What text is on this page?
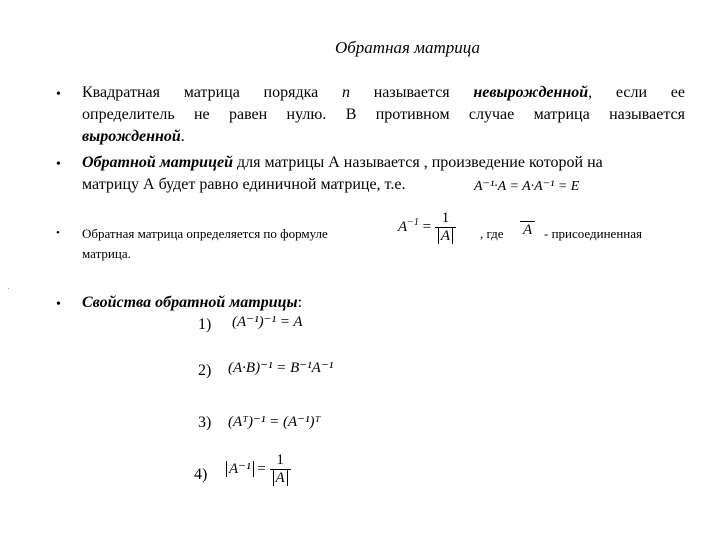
Обратная матрица
• Квадратная матрица порядка n называется невырожденной, если ее
определитель не равен нулю. В противном случае матрица называется
вырожденной.
• Обратной матрицей для матрицы А называется , произведение которой на
матрицу А будет равно единичной матрице, т.е.	A⁻¹·A = A·A⁻¹ = E
• Обратная матрица определяется по формуле
матрица.
$A^{-1} = \frac{1}{A}$ , где A - присоединенная
.
• Свойства обратной матрицы:
1) (A⁻¹)⁻¹ = A
2) (A·B)⁻¹ = B⁻¹A⁻¹
3) (Aᵀ)⁻¹ = (A⁻¹)ᵀ
4) $A^{-1} = \frac{1}{A}$
